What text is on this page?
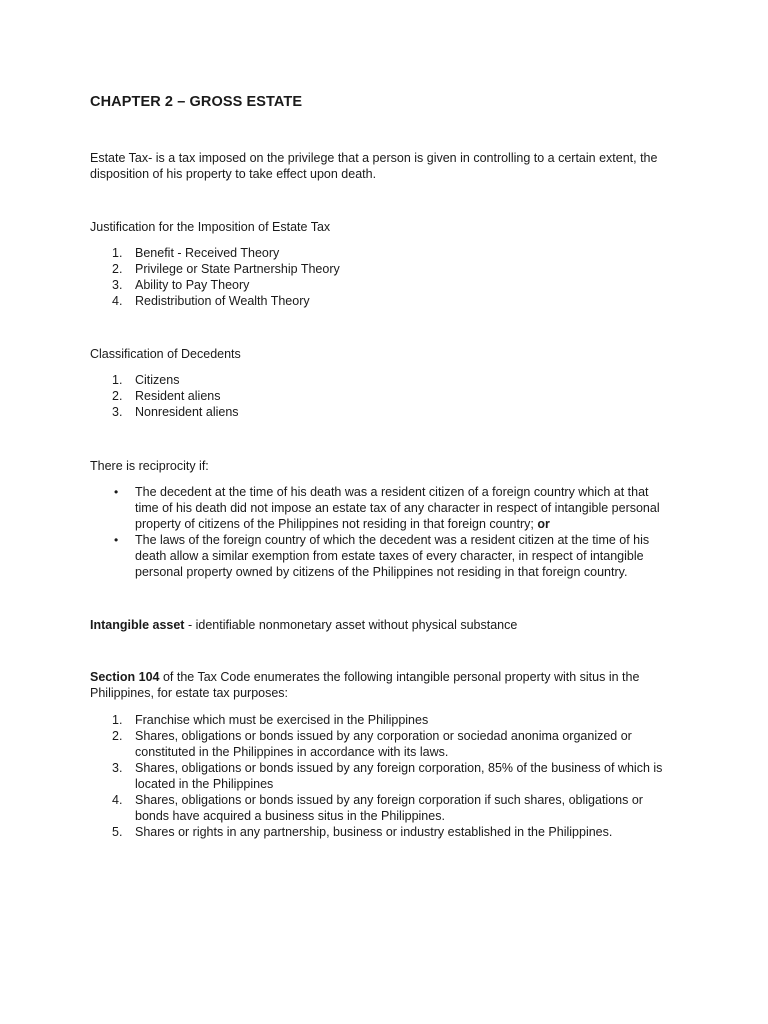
CHAPTER 2 – GROSS ESTATE
Estate Tax- is a tax imposed on the privilege that a person is given in controlling to a certain extent, the disposition of his property to take effect upon death.
Justification for the Imposition of Estate Tax
1.	Benefit - Received Theory
2.	Privilege or State Partnership Theory
3.	Ability to Pay Theory
4.	Redistribution of Wealth Theory
Classification of Decedents
1.	Citizens
2.	Resident aliens
3.	Nonresident aliens
There is reciprocity if:
• The decedent at the time of his death was a resident citizen of a foreign country which at that time of his death did not impose an estate tax of any character in respect of intangible personal property of citizens of the Philippines not residing in that foreign country; or
• The laws of the foreign country of which the decedent was a resident citizen at the time of his death allow a similar exemption from estate taxes of every character, in respect of intangible personal property owned by citizens of the Philippines not residing in that foreign country.
Intangible asset - identifiable nonmonetary asset without physical substance
Section 104 of the Tax Code enumerates the following intangible personal property with situs in the Philippines, for estate tax purposes:
1.	Franchise which must be exercised in the Philippines
2.	Shares, obligations or bonds issued by any corporation or sociedad anonima organized or constituted in the Philippines in accordance with its laws.
3.	Shares, obligations or bonds issued by any foreign corporation, 85% of the business of which is located in the Philippines
4.	Shares, obligations or bonds issued by any foreign corporation if such shares, obligations or bonds have acquired a business situs in the Philippines.
5.	Shares or rights in any partnership, business or industry established in the Philippines.
